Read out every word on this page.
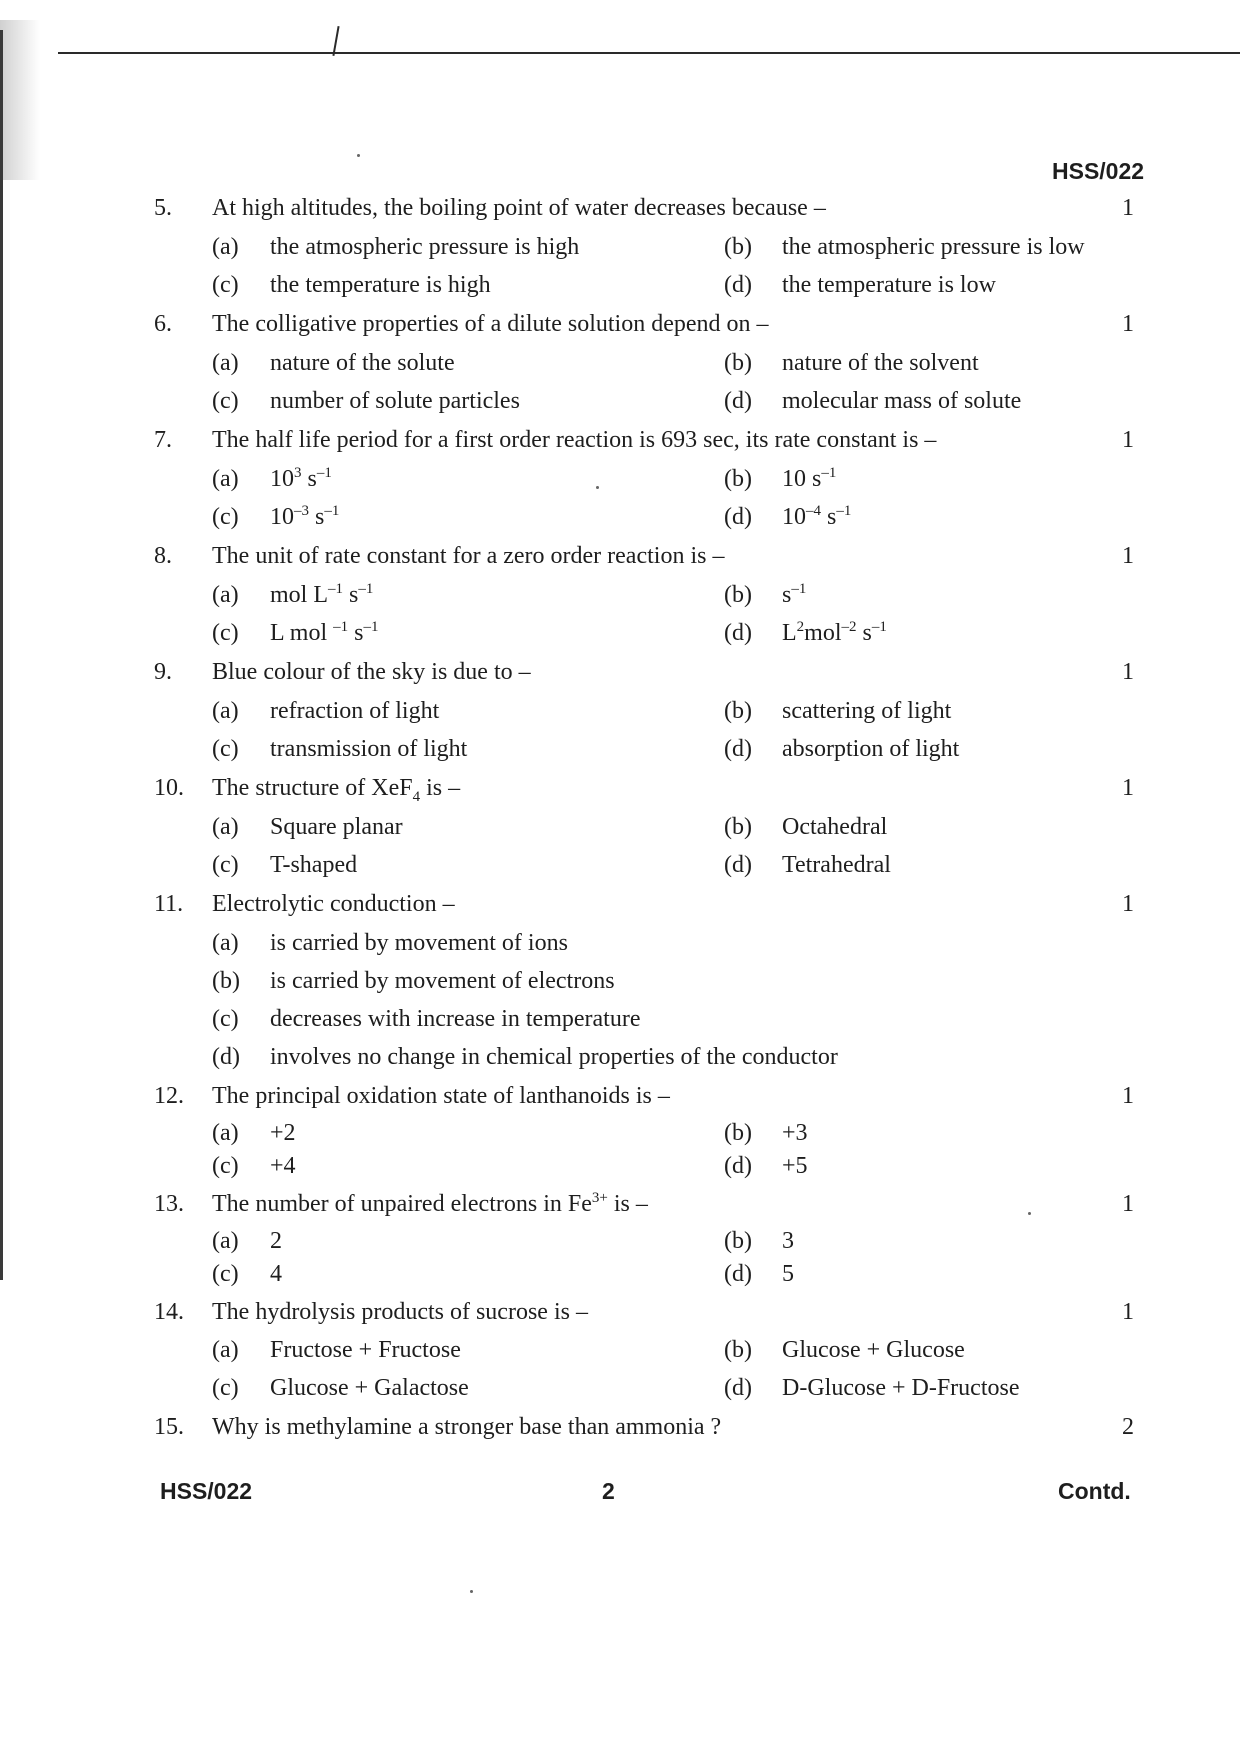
HSS/022
5. At high altitudes, the boiling point of water decreases because –	1
(a) the atmospheric pressure is high	(b) the atmospheric pressure is low
(c) the temperature is high	(d) the temperature is low
6. The colligative properties of a dilute solution depend on –	1
(a) nature of the solute	(b) nature of the solvent
(c) number of solute particles	(d) molecular mass of solute
7. The half life period for a first order reaction is 693 sec, its rate constant is –	1
(a) $10^3$ $s^{-1}$	(b) 10 $s^{-1}$
(c) $10^{-3}$ $s^{-1}$	(d) $10^{-4}$ $s^{-1}$
8. The unit of rate constant for a zero order reaction is –	1
(a) mol $L^{-1}$ $s^{-1}$	(b) $s^{-1}$
(c) L mol $^{-1}$ $s^{-1}$	(d) $L^2mol^{-2}$ $s^{-1}$
9. Blue colour of the sky is due to –	1
(a) refraction of light	(b) scattering of light
(c) transmission of light	(d) absorption of light
10. The structure of XeF$_4$ is –	1
(a) Square planar	(b) Octahedral
(c) T-shaped	(d) Tetrahedral
11. Electrolytic conduction –	1
(a) is carried by movement of ions
(b) is carried by movement of electrons
(c) decreases with increase in temperature
(d) involves no change in chemical properties of the conductor
12. The principal oxidation state of lanthanoids is –	1
(a) +2	(b) +3
(c) +4	(d) +5
13. The number of unpaired electrons in $Fe^{3+}$ is –	1
(a) 2	(b) 3
(c) 4	(d) 5
14. The hydrolysis products of sucrose is –	1
(a) Fructose + Fructose	(b) Glucose + Glucose
(c) Glucose + Galactose	(d) D-Glucose + D-Fructose
15. Why is methylamine a stronger base than ammonia ?	2
HSS/022	2	Contd.
